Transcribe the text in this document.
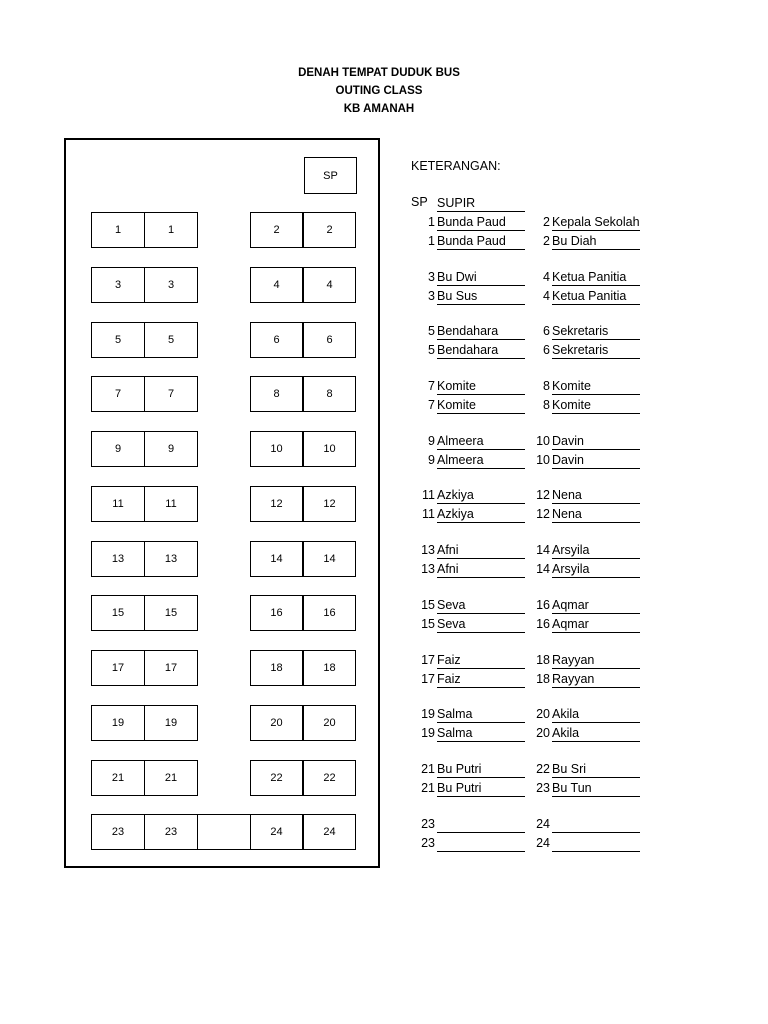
DENAH TEMPAT DUDUK BUS
OUTING CLASS
KB AMANAH
KETERANGAN:
SP SUPIR
1 Bunda Paud	2 Kepala Sekolah
1 Bunda Paud	2 Bu Diah
3 Bu Dwi	4 Ketua Panitia
3 Bu Sus	4 Ketua Panitia
5 Bendahara	6 Sekretaris
5 Bendahara	6 Sekretaris
7 Komite	8 Komite
7 Komite	8 Komite
9 Almeera	10 Davin
9 Almeera	10 Davin
11 Azkiya	12 Nena
11 Azkiya	12 Nena
13 Afni	14 Arsyila
13 Afni	14 Arsyila
15 Seva	16 Aqmar
15 Seva	16 Aqmar
17 Faiz	18 Rayyan
17 Faiz	18 Rayyan
19 Salma	20 Akila
19 Salma	20 Akila
21 Bu Putri	22 Bu Sri
21 Bu Putri	23 Bu Tun
23	24
23	24
SP
1	1	2	2
3	3	4	4
5	5	6	6
7	7	8	8
9	9	10	10
11	11	12	12
13	13	14	14
15	15	16	16
17	17	18	18
19	19	20	20
21	21	22	22
23	23	24	24
